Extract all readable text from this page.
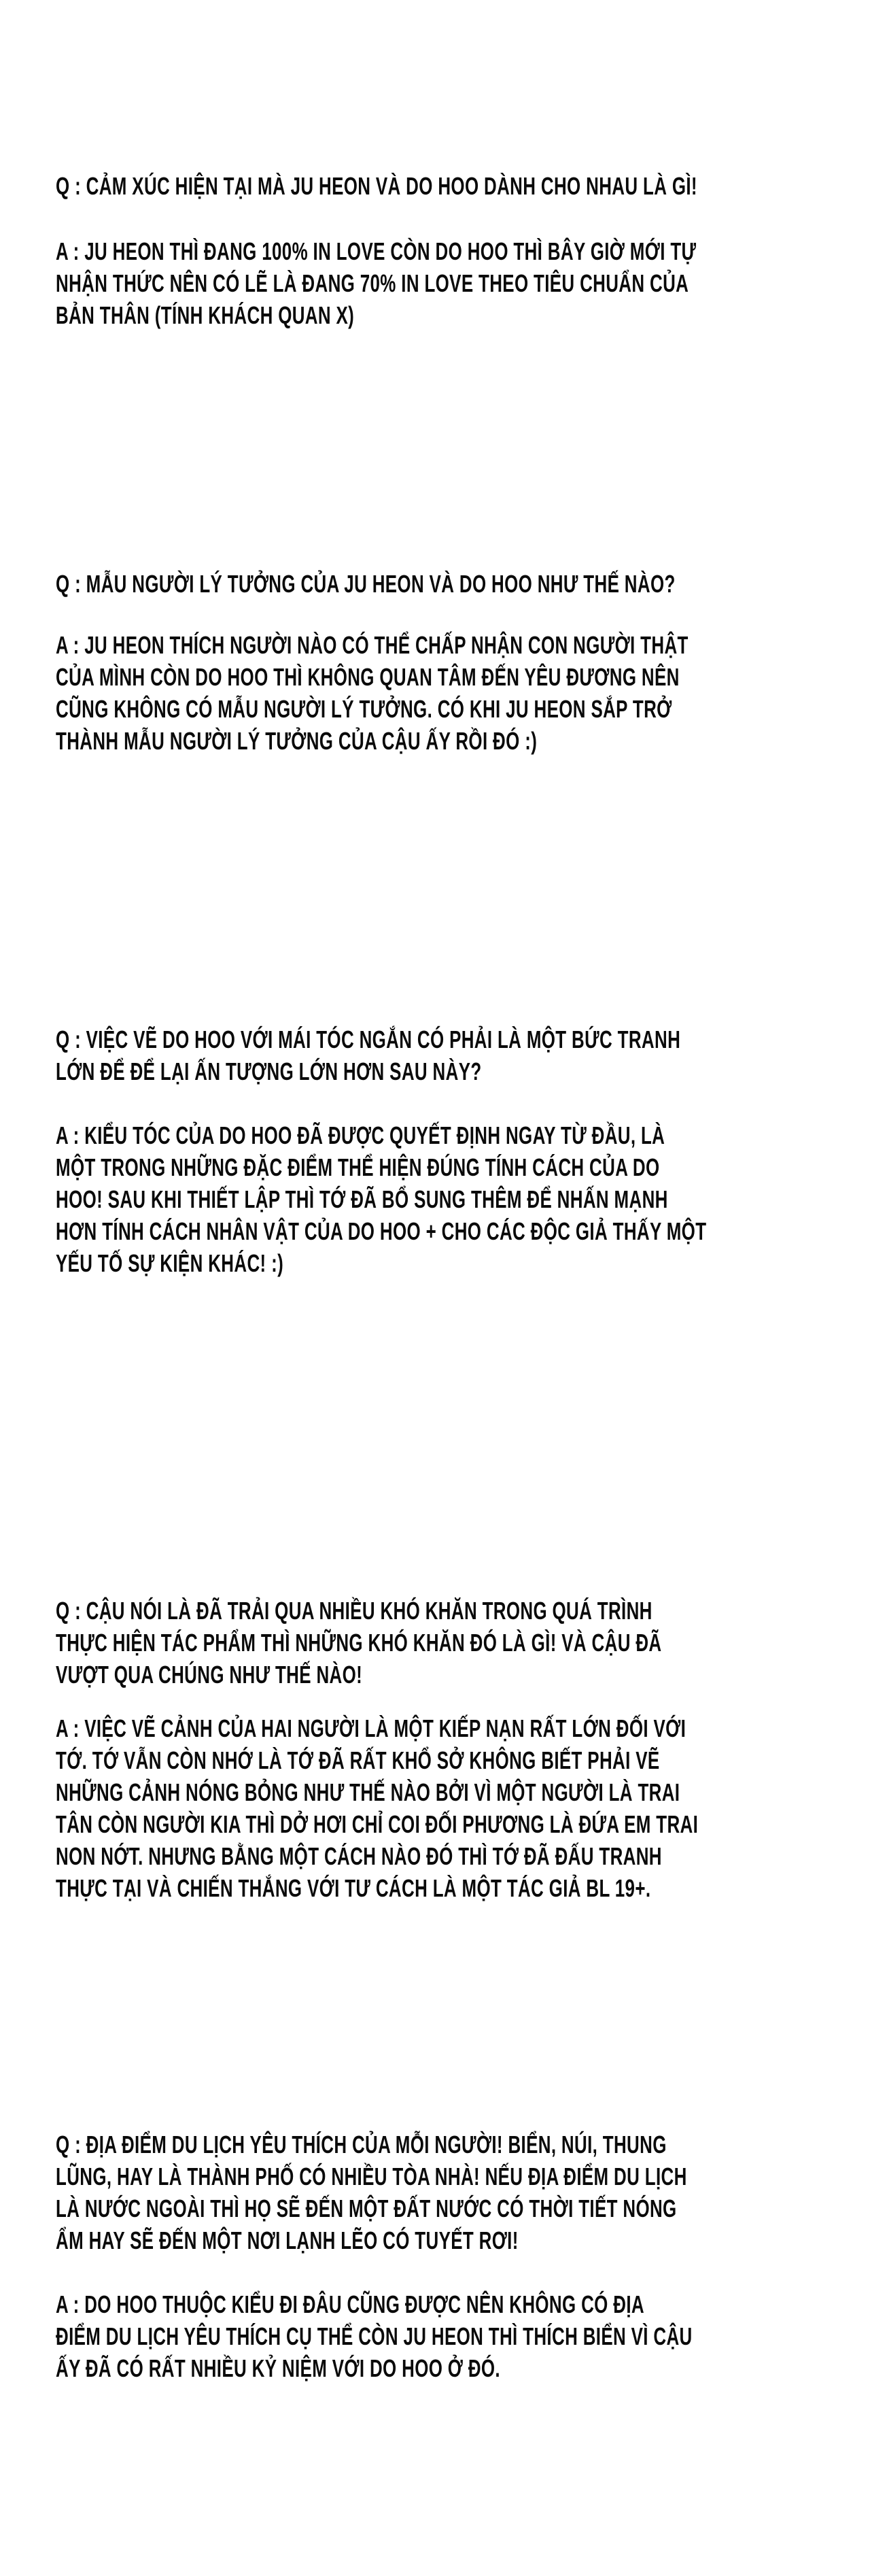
Q : CẢM XÚC HIỆN TẠI MÀ JU HEON VÀ DO HOO DÀNH CHO NHAU LÀ GÌ!
A : JU HEON THÌ ĐANG 100% IN LOVE CÒN DO HOO THÌ BÂY GIỜ MỚI TỰ
NHẬN THỨC NÊN CÓ LẼ LÀ ĐANG 70% IN LOVE THEO TIÊU CHUẨN CỦA
BẢN THÂN (TÍNH KHÁCH QUAN X)
Q : MẪU NGƯỜI LÝ TƯỞNG CỦA JU HEON VÀ DO HOO NHƯ THẾ NÀO?
A : JU HEON THÍCH NGƯỜI NÀO CÓ THỂ CHẤP NHẬN CON NGƯỜI THẬT
CỦA MÌNH CÒN DO HOO THÌ KHÔNG QUAN TÂM ĐẾN YÊU ĐƯƠNG NÊN
CŨNG KHÔNG CÓ MẪU NGƯỜI LÝ TƯỞNG. CÓ KHI JU HEON SẮP TRỞ
THÀNH MẪU NGƯỜI LÝ TƯỞNG CỦA CẬU ẤY RỒI ĐÓ :)
Q : VIỆC VẼ DO HOO VỚI MÁI TÓC NGẮN CÓ PHẢI LÀ MỘT BỨC TRANH
LỚN ĐỂ ĐỂ LẠI ẤN TƯỢNG LỚN HƠN SAU NÀY?
A : KIỂU TÓC CỦA DO HOO ĐÃ ĐƯỢC QUYẾT ĐỊNH NGAY TỪ ĐẦU, LÀ
MỘT TRONG NHỮNG ĐẶC ĐIỂM THỂ HIỆN ĐÚNG TÍNH CÁCH CỦA DO
HOO! SAU KHI THIẾT LẬP THÌ TỚ ĐÃ BỔ SUNG THÊM ĐỂ NHẤN MẠNH
HƠN TÍNH CÁCH NHÂN VẬT CỦA DO HOO + CHO CÁC ĐỘC GIẢ THẤY MỘT
YẾU TỐ SỰ KIỆN KHÁC! :)
Q : CẬU NÓI LÀ ĐÃ TRẢI QUA NHIỀU KHÓ KHĂN TRONG QUÁ TRÌNH
THỰC HIỆN TÁC PHẨM THÌ NHỮNG KHÓ KHĂN ĐÓ LÀ GÌ! VÀ CẬU ĐÃ
VƯỢT QUA CHÚNG NHƯ THẾ NÀO!
A : VIỆC VẼ CẢNH CỦA HAI NGƯỜI LÀ MỘT KIẾP NẠN RẤT LỚN ĐỐI VỚI
TỚ. TỚ VẪN CÒN NHỚ LÀ TỚ ĐÃ RẤT KHỔ SỞ KHÔNG BIẾT PHẢI VẼ
NHỮNG CẢNH NÓNG BỎNG NHƯ THẾ NÀO BỞI VÌ MỘT NGƯỜI LÀ TRAI
TÂN CÒN NGƯỜI KIA THÌ DỞ HƠI CHỈ COI ĐỐI PHƯƠNG LÀ ĐỨA EM TRAI
NON NỚT. NHƯNG BẰNG MỘT CÁCH NÀO ĐÓ THÌ TỚ ĐÃ ĐẤU TRANH
THỰC TẠI VÀ CHIẾN THẮNG VỚI TƯ CÁCH LÀ MỘT TÁC GIẢ BL 19+.
Q : ĐỊA ĐIỂM DU LỊCH YÊU THÍCH CỦA MỖI NGƯỜI! BIỂN, NÚI, THUNG
LŨNG, HAY LÀ THÀNH PHỐ CÓ NHIỀU TÒA NHÀ! NẾU ĐỊA ĐIỂM DU LỊCH
LÀ NƯỚC NGOÀI THÌ HỌ SẼ ĐẾN MỘT ĐẤT NƯỚC CÓ THỜI TIẾT NÓNG
ẨM HAY SẼ ĐẾN MỘT NƠI LẠNH LẼO CÓ TUYẾT RƠI!
A : DO HOO THUỘC KIỂU ĐI ĐÂU CŨNG ĐƯỢC NÊN KHÔNG CÓ ĐỊA
ĐIỂM DU LỊCH YÊU THÍCH CỤ THỂ CÒN JU HEON THÌ THÍCH BIỂN VÌ CẬU
ẤY ĐÃ CÓ RẤT NHIỀU KỶ NIỆM VỚI DO HOO Ở ĐÓ.
